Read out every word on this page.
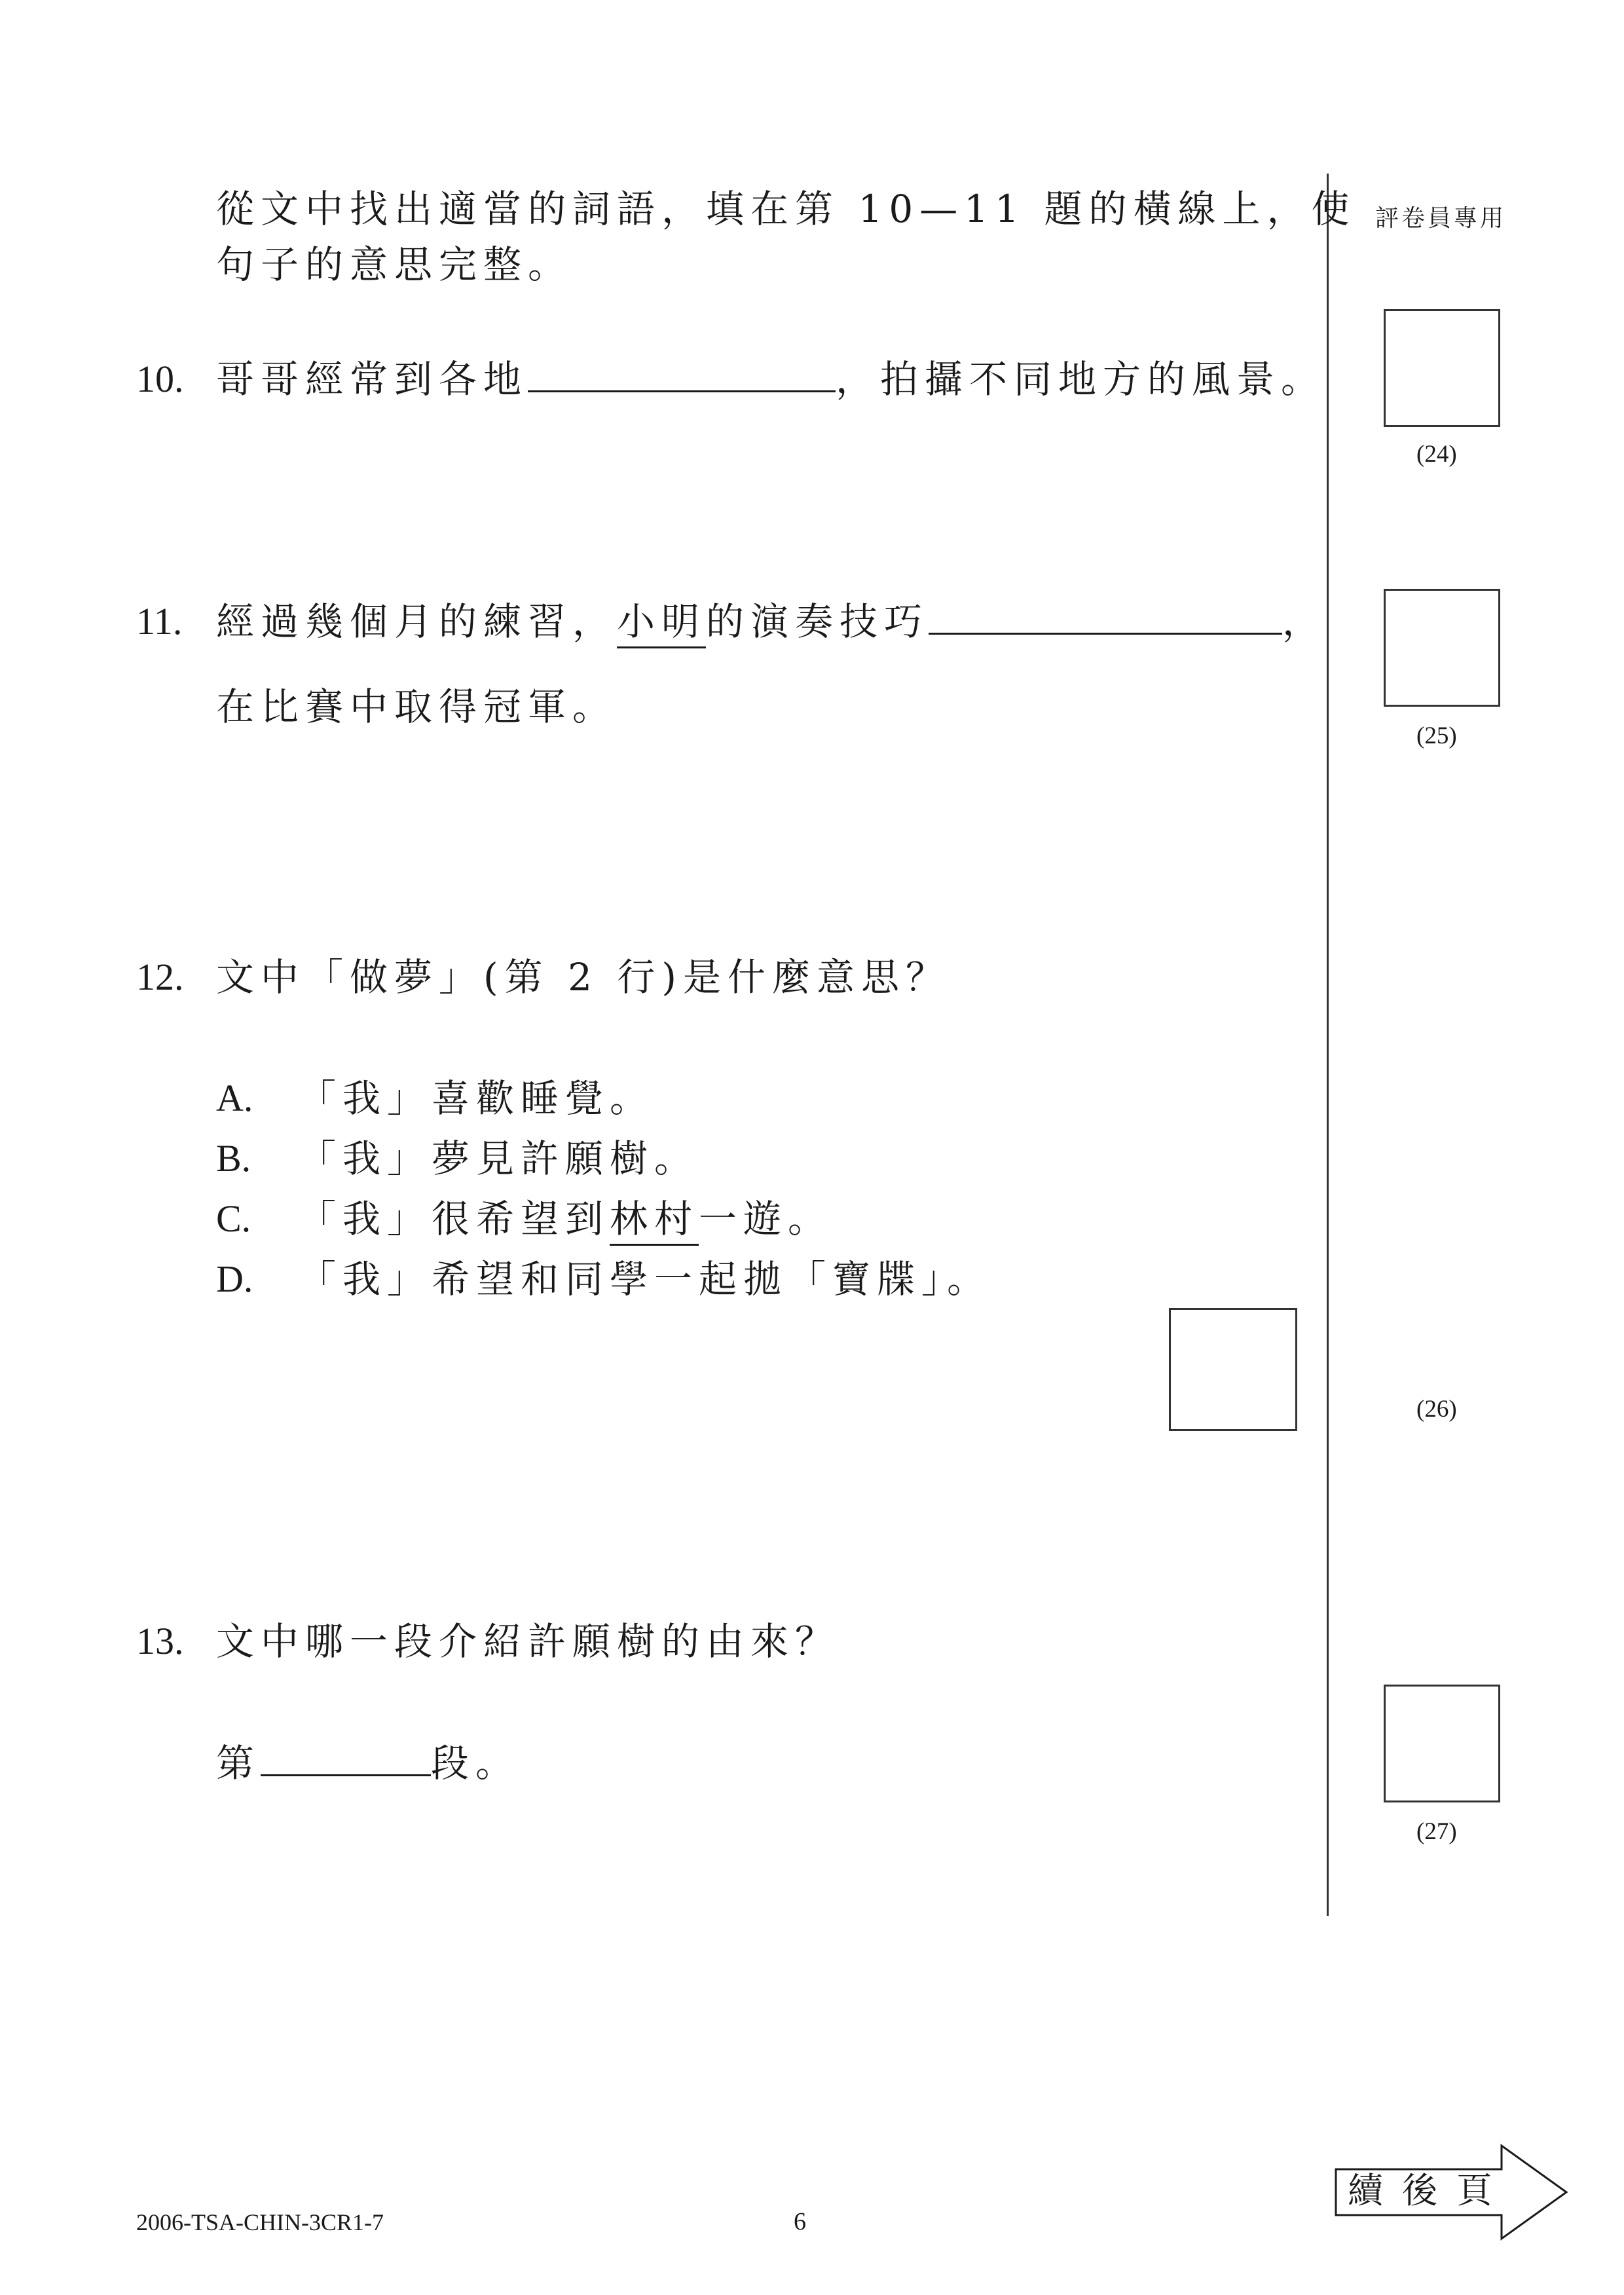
評卷員專用
從文中找出適當的詞語，填在第 10—11 題的橫線上，使
句子的意思完整。
10. 哥哥經常到各地	，拍攝不同地方的風景。
(24)
11. 經過幾個月的練習，小明的演奏技巧	，
在比賽中取得冠軍。
(25)
12. 文中「做夢」(第 2 行)是什麼意思？
A. 「我」喜歡睡覺。
B. 「我」夢見許願樹。
C. 「我」很希望到林村一遊。
D. 「我」希望和同學一起拋「寶牒」。
(26)
13. 文中哪一段介紹許願樹的由來？
第	段。
(27)
2006-TSA-CHIN-3CR1-7	6
續 後 頁
